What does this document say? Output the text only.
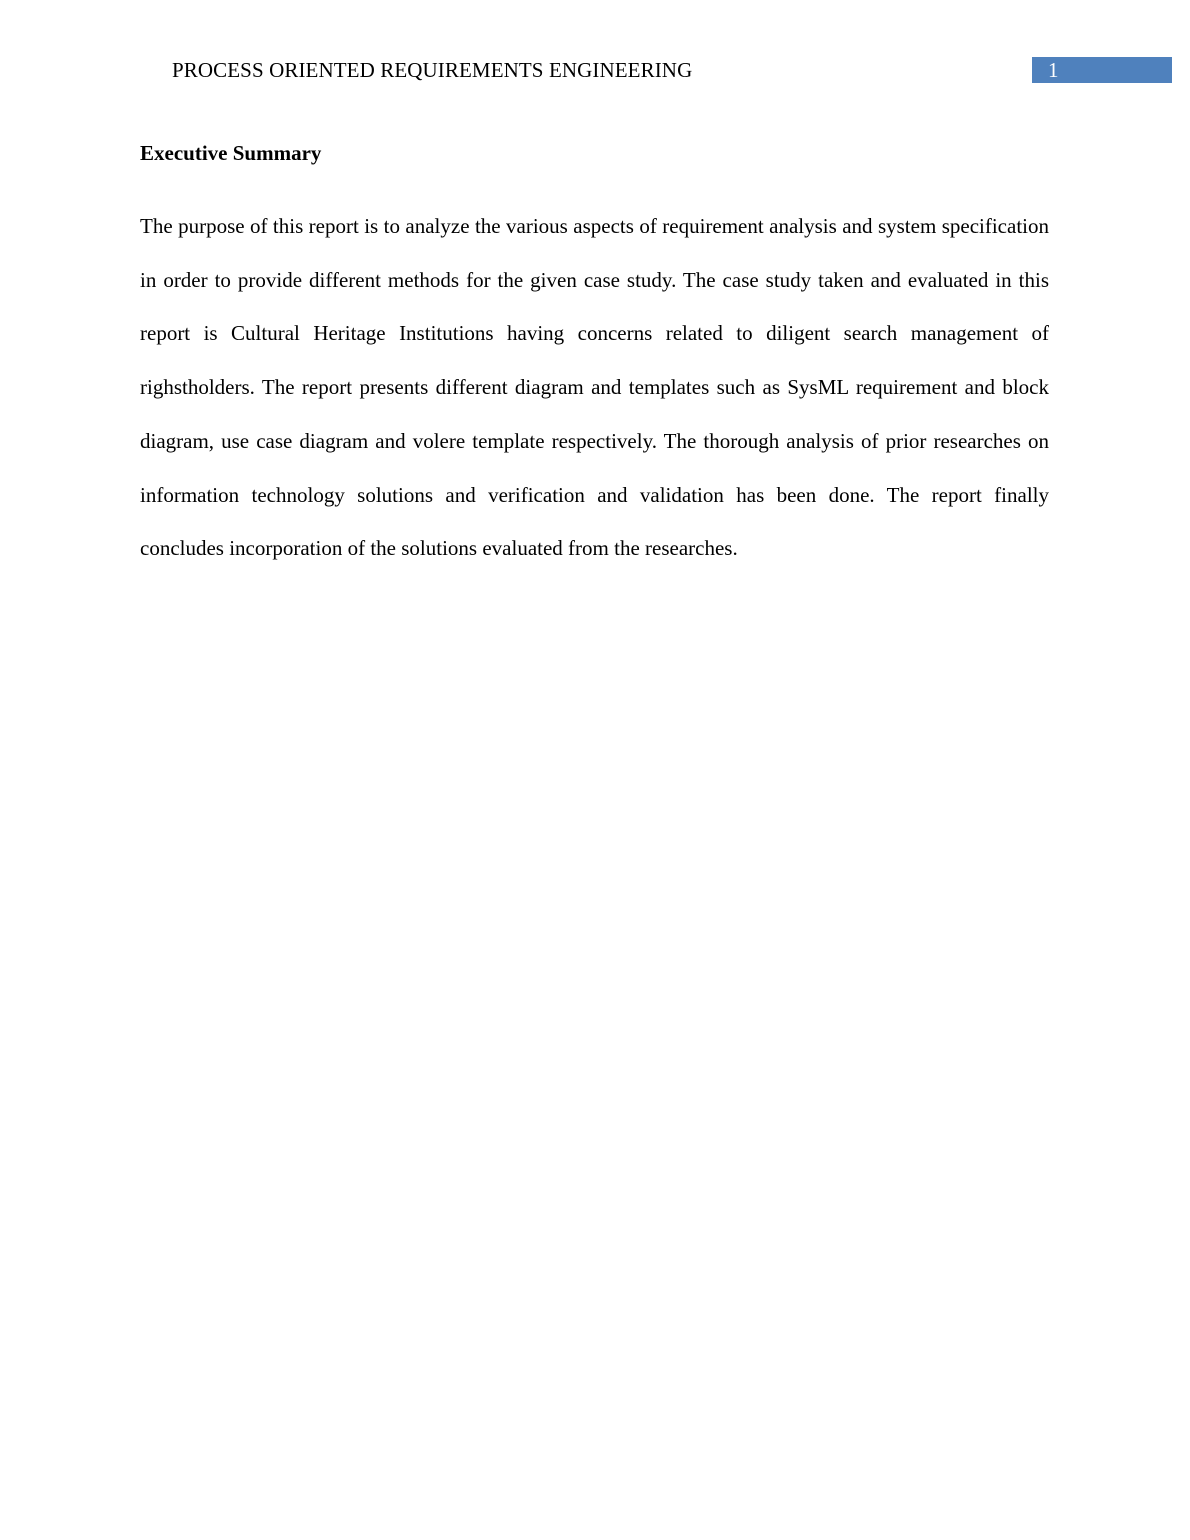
PROCESS ORIENTED REQUIREMENTS ENGINEERING	1
Executive Summary

The purpose of this report is to analyze the various aspects of requirement analysis and system specification in order to provide different methods for the given case study. The case study taken and evaluated in this report is Cultural Heritage Institutions having concerns related to diligent search management of righstholders. The report presents different diagram and templates such as SysML requirement and block diagram, use case diagram and volere template respectively. The thorough analysis of prior researches on information technology solutions and verification and validation has been done. The report finally concludes incorporation of the solutions evaluated from the researches.
